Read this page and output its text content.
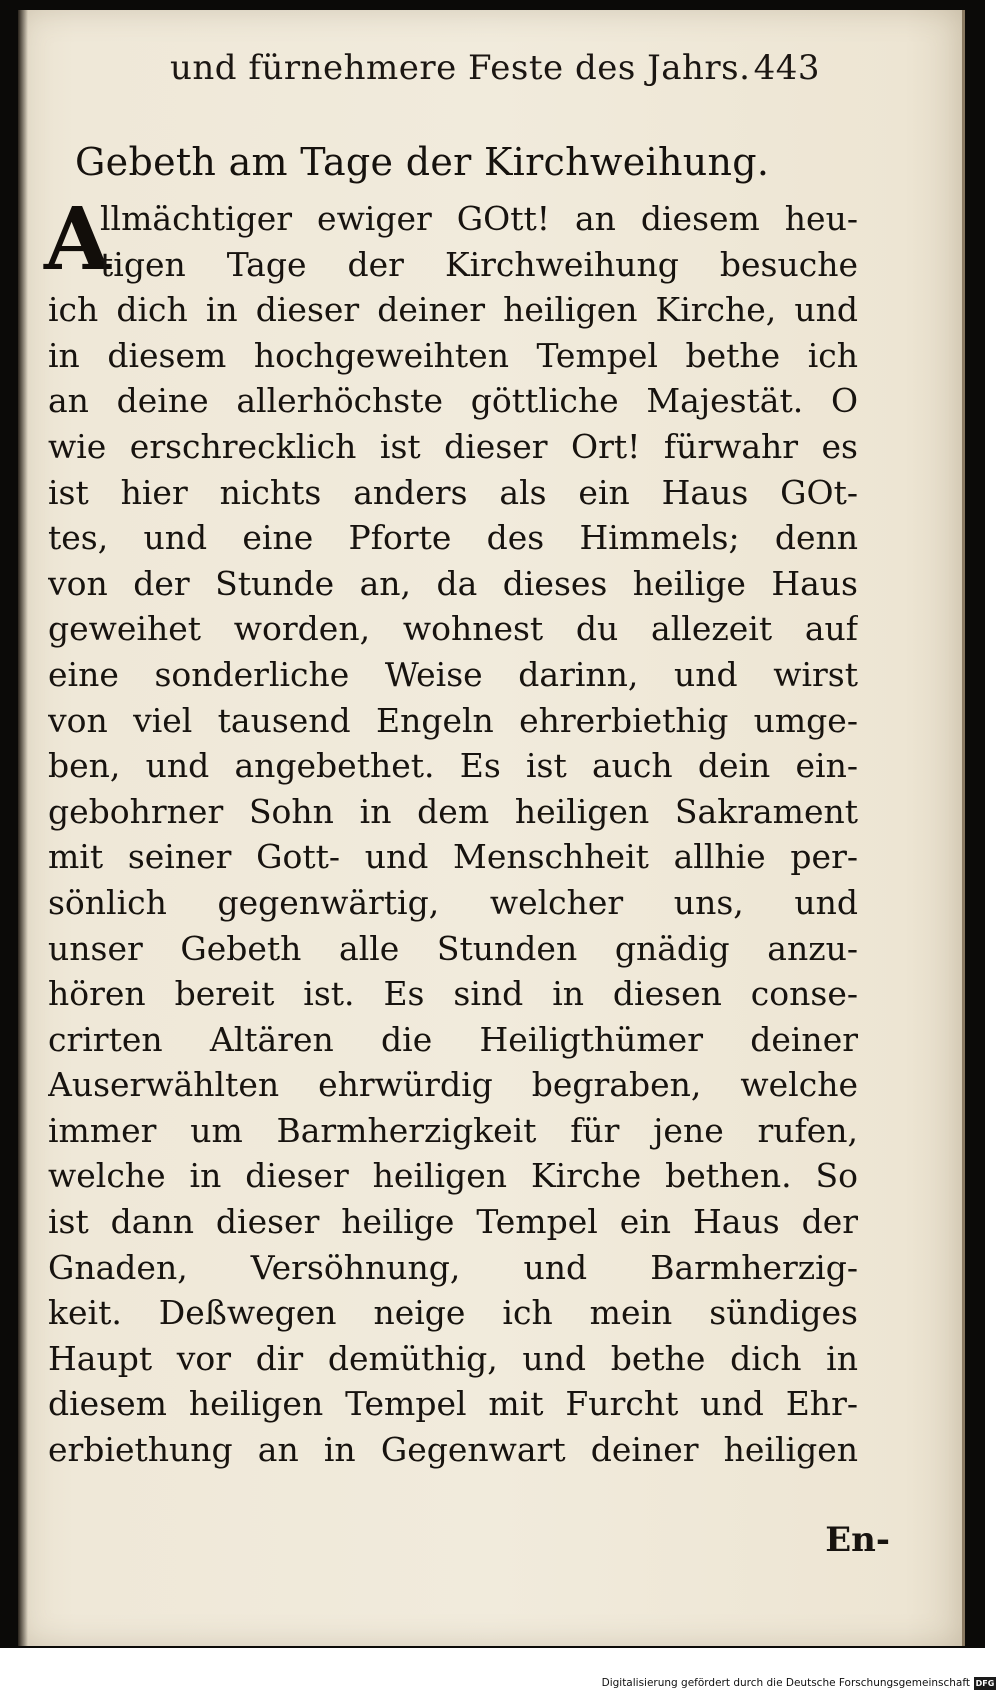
und fürnehmere Feste des Jahrs. 443
Gebeth am Tage der Kirchweihung.
A
llmächtiger ewiger GOtt! an diesem heu-
tigen Tage der Kirchweihung besuche
ich dich in dieser deiner heiligen Kirche, und
in diesem hochgeweihten Tempel bethe ich
an deine allerhöchste göttliche Majestät. O
wie erschrecklich ist dieser Ort! fürwahr es
ist hier nichts anders als ein Haus GOt-
tes, und eine Pforte des Himmels; denn
von der Stunde an, da dieses heilige Haus
geweihet worden, wohnest du allezeit auf
eine sonderliche Weise darinn, und wirst
von viel tausend Engeln ehrerbiethig umge-
ben, und angebethet. Es ist auch dein ein-
gebohrner Sohn in dem heiligen Sakrament
mit seiner Gott- und Menschheit allhie per-
sönlich gegenwärtig, welcher uns, und
unser Gebeth alle Stunden gnädig anzu-
hören bereit ist. Es sind in diesen conse-
crirten Altären die Heiligthümer deiner
Auserwählten ehrwürdig begraben, welche
immer um Barmherzigkeit für jene rufen,
welche in dieser heiligen Kirche bethen. So
ist dann dieser heilige Tempel ein Haus der
Gnaden, Versöhnung, und Barmherzig-
keit. Deßwegen neige ich mein sündiges
Haupt vor dir demüthig, und bethe dich in
diesem heiligen Tempel mit Furcht und Ehr-
erbiethung an in Gegenwart deiner heiligen
En-
Digitalisierung gefördert durch die Deutsche Forschungsgemeinschaft DFG
